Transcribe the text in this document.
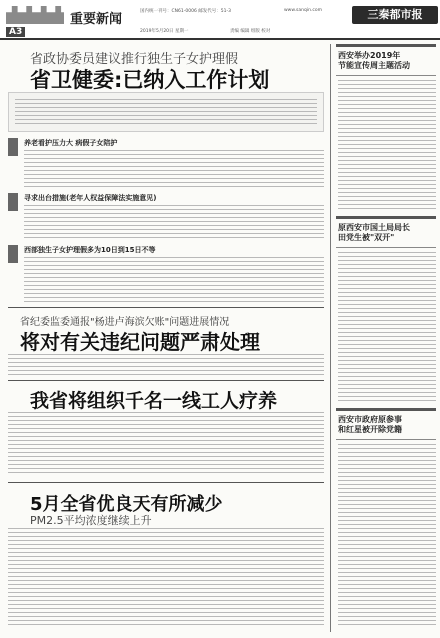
A3
重要新闻
国内统一刊号：CN61-0006 邮发代号：51-3	www.sanqin.com
2019年5月20日 星期一	责编 编辑 组版 校对
三秦都市报
省政协委员建议推行独生子女护理假
省卫健委:已纳入工作计划
养老看护压力大 病假子女陪护
寻求出台措施(老年人权益保障法实施意见)
西部独生子女护理假多为10日到15日不等
省纪委监委通报"杨进卢海滨欠账"问题进展情况
将对有关违纪问题严肃处理
我省将组织千名一线工人疗养
5月全省优良天有所减少
PM2.5平均浓度继续上升
西安举办2019年
节能宣传周主题活动
原西安市国土局局长
田党生被"双开"
西安市政府原参事
和红星被开除党籍
